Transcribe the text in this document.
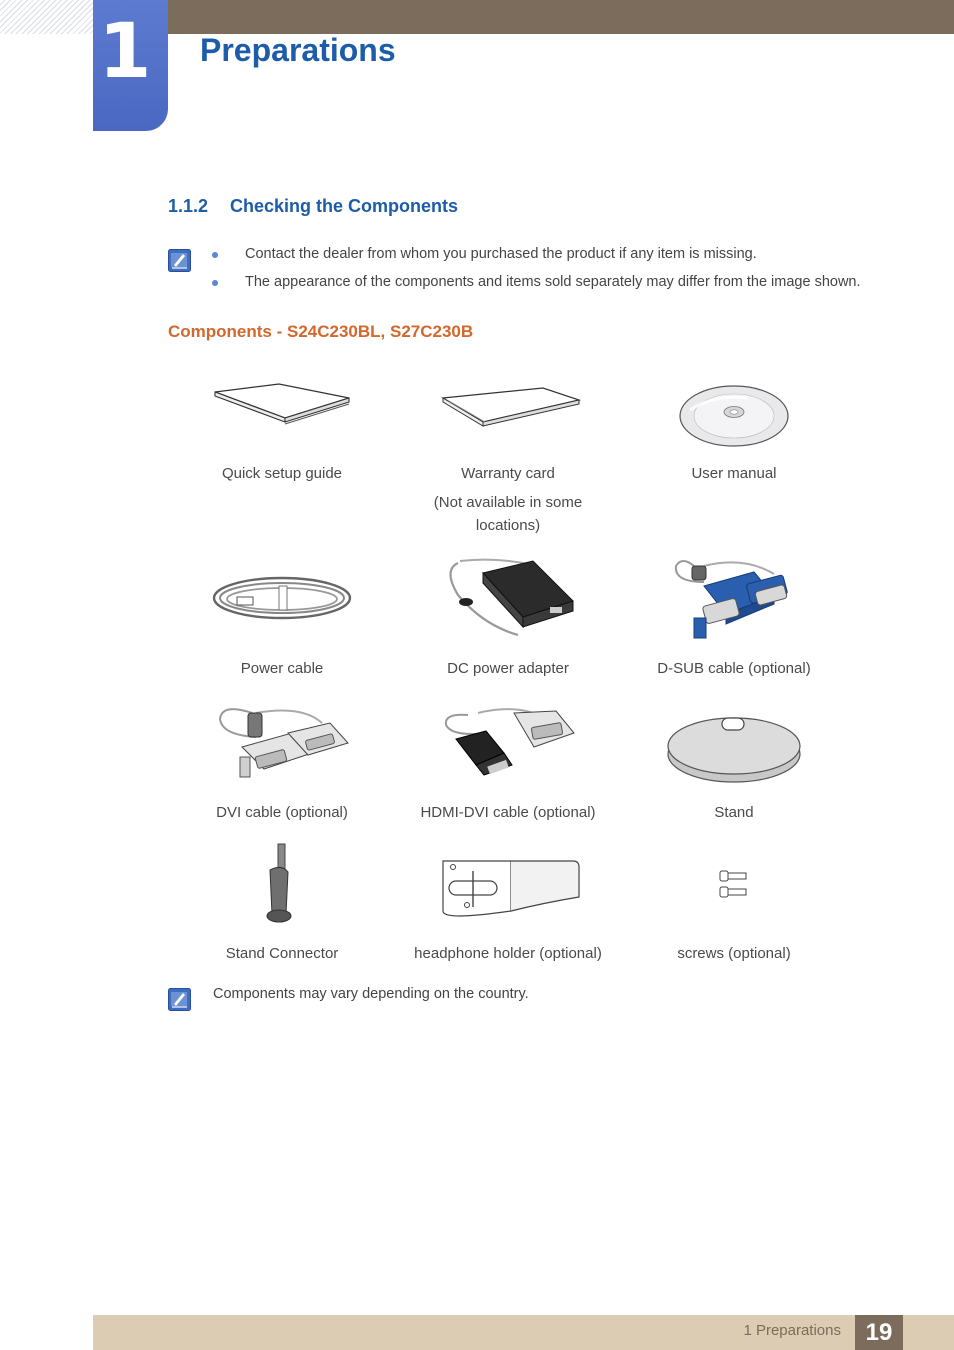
1 Preparations
1.1.2 Checking the Components
Contact the dealer from whom you purchased the product if any item is missing.
The appearance of the components and items sold separately may differ from the image shown.
Components - S24C230BL, S27C230B
Quick setup guide	Warranty card
(Not available in some locations)
User manual
Power cable	DC power adapter	D-SUB cable (optional)
DVI cable (optional)	HDMI-DVI cable (optional)	Stand
Stand Connector	headphone holder (optional)	screws (optional)
Components may vary depending on the country.
1 Preparations	19
